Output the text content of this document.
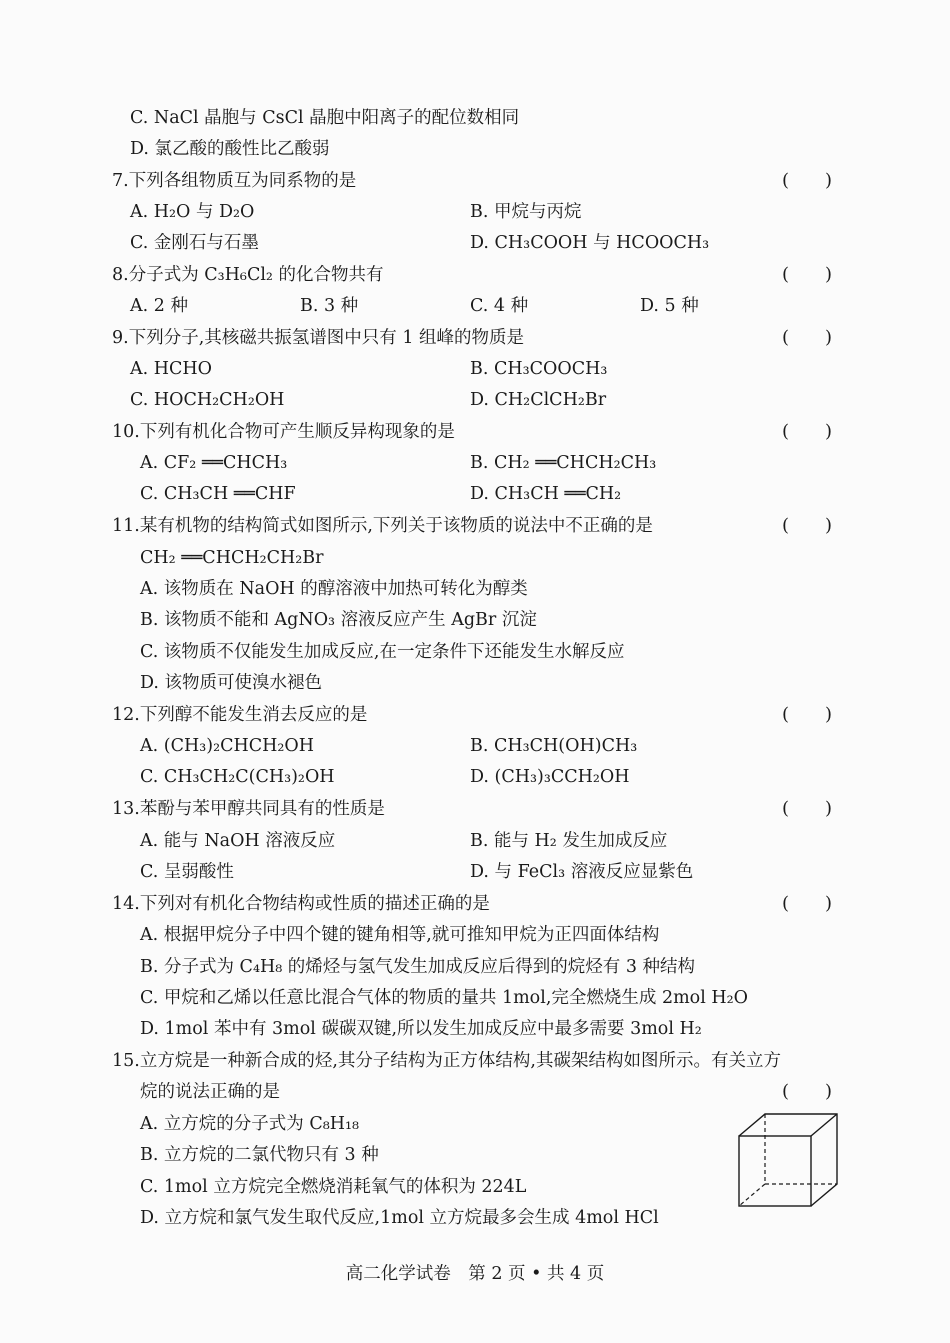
C. NaCl 晶胞与 CsCl 晶胞中阳离子的配位数相同
D. 氯乙酸的酸性比乙酸弱
7.下列各组物质互为同系物的是	(　　)
A. H₂O 与 D₂O	B. 甲烷与丙烷
C. 金刚石与石墨	D. CH₃COOH 与 HCOOCH₃
8.分子式为 C₃H₆Cl₂ 的化合物共有	(　　)
A. 2 种	B. 3 种	C. 4 种	D. 5 种
9.下列分子,其核磁共振氢谱图中只有 1 组峰的物质是	(　　)
A. HCHO	B. CH₃COOCH₃
C. HOCH₂CH₂OH	D. CH₂ClCH₂Br
10.下列有机化合物可产生顺反异构现象的是	(　　)
A. CF₂ ══CHCH₃	B. CH₂ ══CHCH₂CH₃
C. CH₃CH ══CHF	D. CH₃CH ══CH₂
11.某有机物的结构简式如图所示,下列关于该物质的说法中不正确的是	(　　)
CH₂ ══CHCH₂CH₂Br
A. 该物质在 NaOH 的醇溶液中加热可转化为醇类
B. 该物质不能和 AgNO₃ 溶液反应产生 AgBr 沉淀
C. 该物质不仅能发生加成反应,在一定条件下还能发生水解反应
D. 该物质可使溴水褪色
12.下列醇不能发生消去反应的是	(　　)
A. (CH₃)₂CHCH₂OH	B. CH₃CH(OH)CH₃
C. CH₃CH₂C(CH₃)₂OH	D. (CH₃)₃CCH₂OH
13.苯酚与苯甲醇共同具有的性质是	(　　)
A. 能与 NaOH 溶液反应	B. 能与 H₂ 发生加成反应
C. 呈弱酸性	D. 与 FeCl₃ 溶液反应显紫色
14.下列对有机化合物结构或性质的描述正确的是	(　　)
A. 根据甲烷分子中四个键的键角相等,就可推知甲烷为正四面体结构
B. 分子式为 C₄H₈ 的烯烃与氢气发生加成反应后得到的烷烃有 3 种结构
C. 甲烷和乙烯以任意比混合气体的物质的量共 1mol,完全燃烧生成 2mol H₂O
D. 1mol 苯中有 3mol 碳碳双键,所以发生加成反应中最多需要 3mol H₂
15.立方烷是一种新合成的烃,其分子结构为正方体结构,其碳架结构如图所示。有关立方
烷的说法正确的是	(　　)
A. 立方烷的分子式为 C₈H₁₈
B. 立方烷的二氯代物只有 3 种
C. 1mol 立方烷完全燃烧消耗氧气的体积为 224L
D. 立方烷和氯气发生取代反应,1mol 立方烷最多会生成 4mol HCl
高二化学试卷　第 2 页 • 共 4 页
